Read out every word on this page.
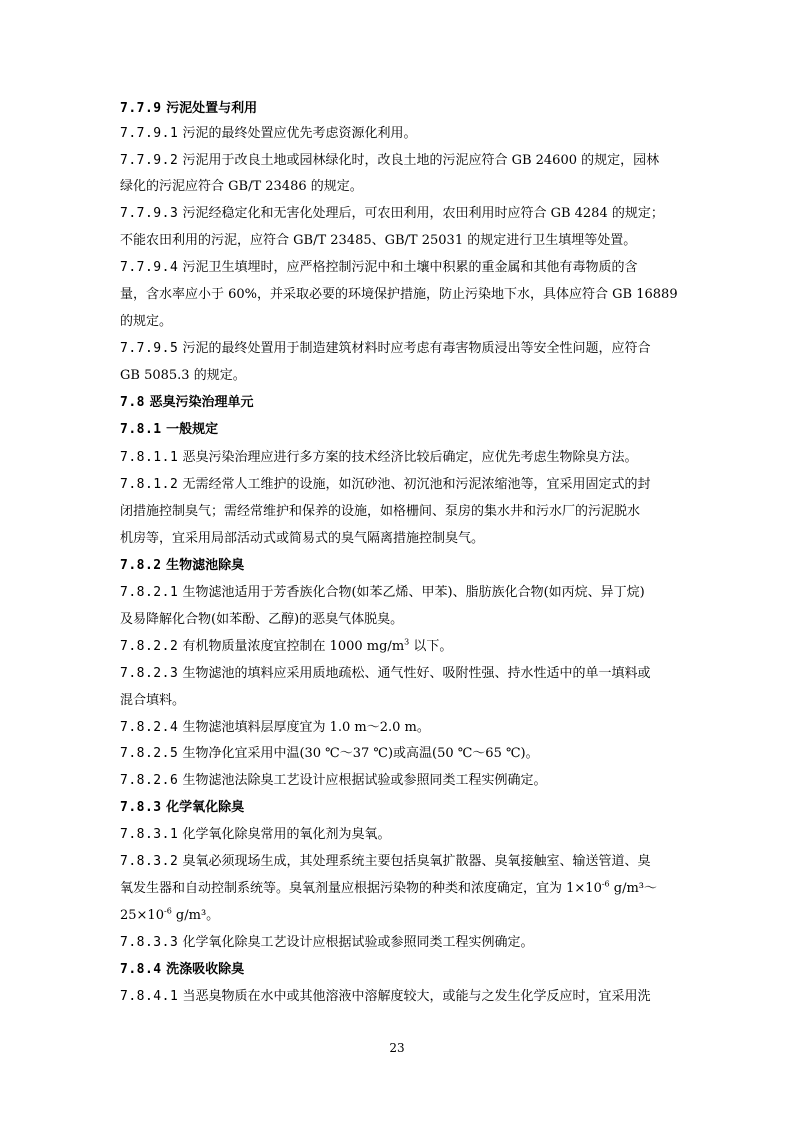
7.7.9 污泥处置与利用
7.7.9.1 污泥的最终处置应优先考虑资源化利用。
7.7.9.2 污泥用于改良土地或园林绿化时，改良土地的污泥应符合 GB 24600 的规定，园林
绿化的污泥应符合 GB/T 23486 的规定。
7.7.9.3 污泥经稳定化和无害化处理后，可农田利用，农田利用时应符合 GB 4284 的规定；
不能农田利用的污泥，应符合 GB/T 23485、GB/T 25031 的规定进行卫生填埋等处置。
7.7.9.4 污泥卫生填埋时，应严格控制污泥中和土壤中积累的重金属和其他有毒物质的含
量，含水率应小于 60%，并采取必要的环境保护措施，防止污染地下水，具体应符合 GB 16889
的规定。
7.7.9.5 污泥的最终处置用于制造建筑材料时应考虑有毒害物质浸出等安全性问题，应符合
GB 5085.3 的规定。
7.8 恶臭污染治理单元
7.8.1 一般规定
7.8.1.1 恶臭污染治理应进行多方案的技术经济比较后确定，应优先考虑生物除臭方法。
7.8.1.2 无需经常人工维护的设施，如沉砂池、初沉池和污泥浓缩池等，宜采用固定式的封
闭措施控制臭气；需经常维护和保养的设施，如格栅间、泵房的集水井和污水厂的污泥脱水
机房等，宜采用局部活动式或简易式的臭气隔离措施控制臭气。
7.8.2 生物滤池除臭
7.8.2.1 生物滤池适用于芳香族化合物(如苯乙烯、甲苯)、脂肪族化合物(如丙烷、异丁烷)
及易降解化合物(如苯酚、乙醇)的恶臭气体脱臭。
7.8.2.2 有机物质量浓度宜控制在 1000 $mg/m^3$ 以下。
7.8.2.3 生物滤池的填料应采用质地疏松、通气性好、吸附性强、持水性适中的单一填料或
混合填料。
7.8.2.4 生物滤池填料层厚度宜为 1.0 m～2.0 m。
7.8.2.5 生物净化宜采用中温(30 ℃～37 ℃)或高温(50 ℃～65 ℃)。
7.8.2.6 生物滤池法除臭工艺设计应根据试验或参照同类工程实例确定。
7.8.3 化学氧化除臭
7.8.3.1 化学氧化除臭常用的氧化剂为臭氧。
7.8.3.2 臭氧必须现场生成，其处理系统主要包括臭氧扩散器、臭氧接触室、输送管道、臭
氧发生器和自动控制系统等。臭氧剂量应根据污染物的种类和浓度确定，宜为 $1\times 10^{-6}$ g/m³～
$25\times 10^{-6}$ g/m³。
7.8.3.3 化学氧化除臭工艺设计应根据试验或参照同类工程实例确定。
7.8.4 洗涤吸收除臭
7.8.4.1 当恶臭物质在水中或其他溶液中溶解度较大，或能与之发生化学反应时，宜采用洗
23
